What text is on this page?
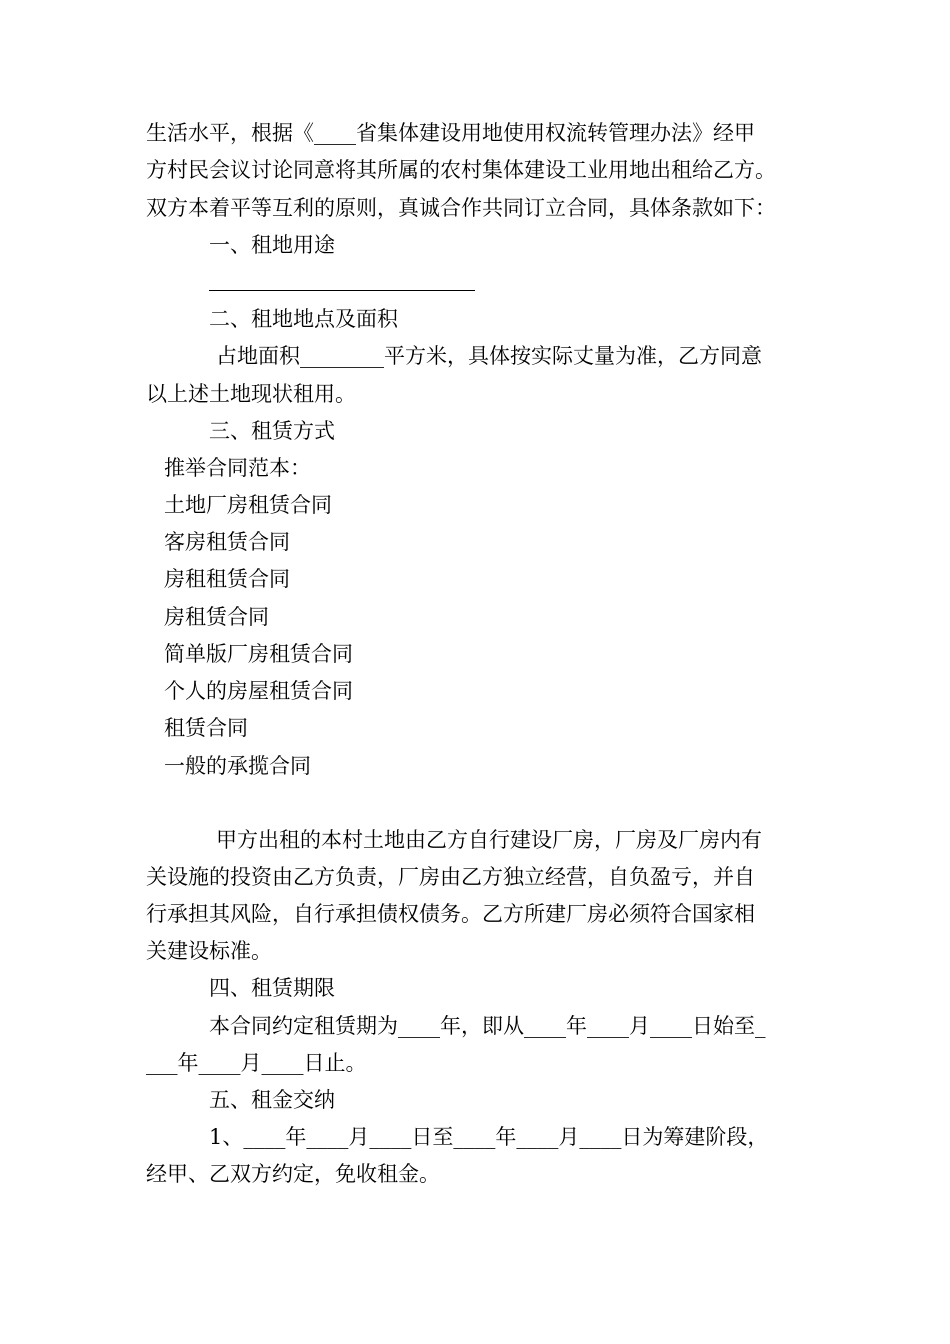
生活水平，根据《____省集体建设用地使用权流转管理办法》经甲

方村民会议讨论同意将其所属的农村集体建设工业用地出租给乙方。

双方本着平等互利的原则，真诚合作共同订立合同，具体条款如下：

一、租地用途

二、租地地点及面积

占地面积________平方米，具体按实际丈量为准，乙方同意

以上述土地现状租用。

三、租赁方式

推举合同范本：

土地厂房租赁合同

客房租赁合同

房租租赁合同

房租赁合同

简单版厂房租赁合同

个人的房屋租赁合同

租赁合同

一般的承揽合同

甲方出租的本村土地由乙方自行建设厂房，厂房及厂房内有

关设施的投资由乙方负责，厂房由乙方独立经营，自负盈亏，并自

行承担其风险，自行承担债权债务。乙方所建厂房必须符合国家相

关建设标准。

四、租赁期限

本合同约定租赁期为____年，即从____年____月____日始至_

___年____月____日止。

五、租金交纳

1、____年____月____日至____年____月____日为筹建阶段，

经甲、乙双方约定，免收租金。
